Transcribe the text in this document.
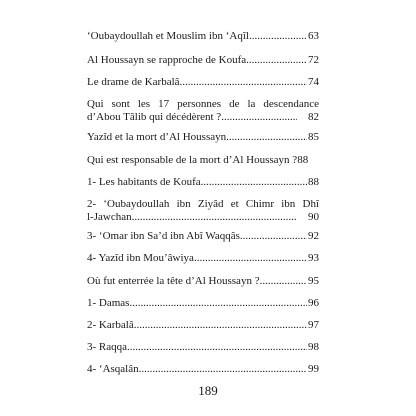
‘Oubaydoullah et Mouslim ibn ‘Aqîl .....	63
Al Houssayn se rapproche de Koufa .....	72
Le drame de Karbalâ .....	74
Qui sont les 17 personnes de la descendance
d’Abou Tâlib qui décédèrent ? .....	82
Yazîd et la mort d’Al Houssayn .....	85
Qui est responsable de la mort d’Al Houssayn ?88
1- Les habitants de Koufa .....	88
2- ‘Oubaydoullah ibn Ziyâd et Chimr ibn Dhî
l-Jawchan .....	90
3- ‘Omar ibn Sa’d ibn Abî Waqqâs .....	92
4- Yazîd ibn Mou’âwiya .....	93
Où fut enterrée la tête d’Al Houssayn ? .....	95
1- Damas .....	96
2- Karbalâ .....	97
3- Raqqa .....	98
4- ‘Asqalân .....	99
189
